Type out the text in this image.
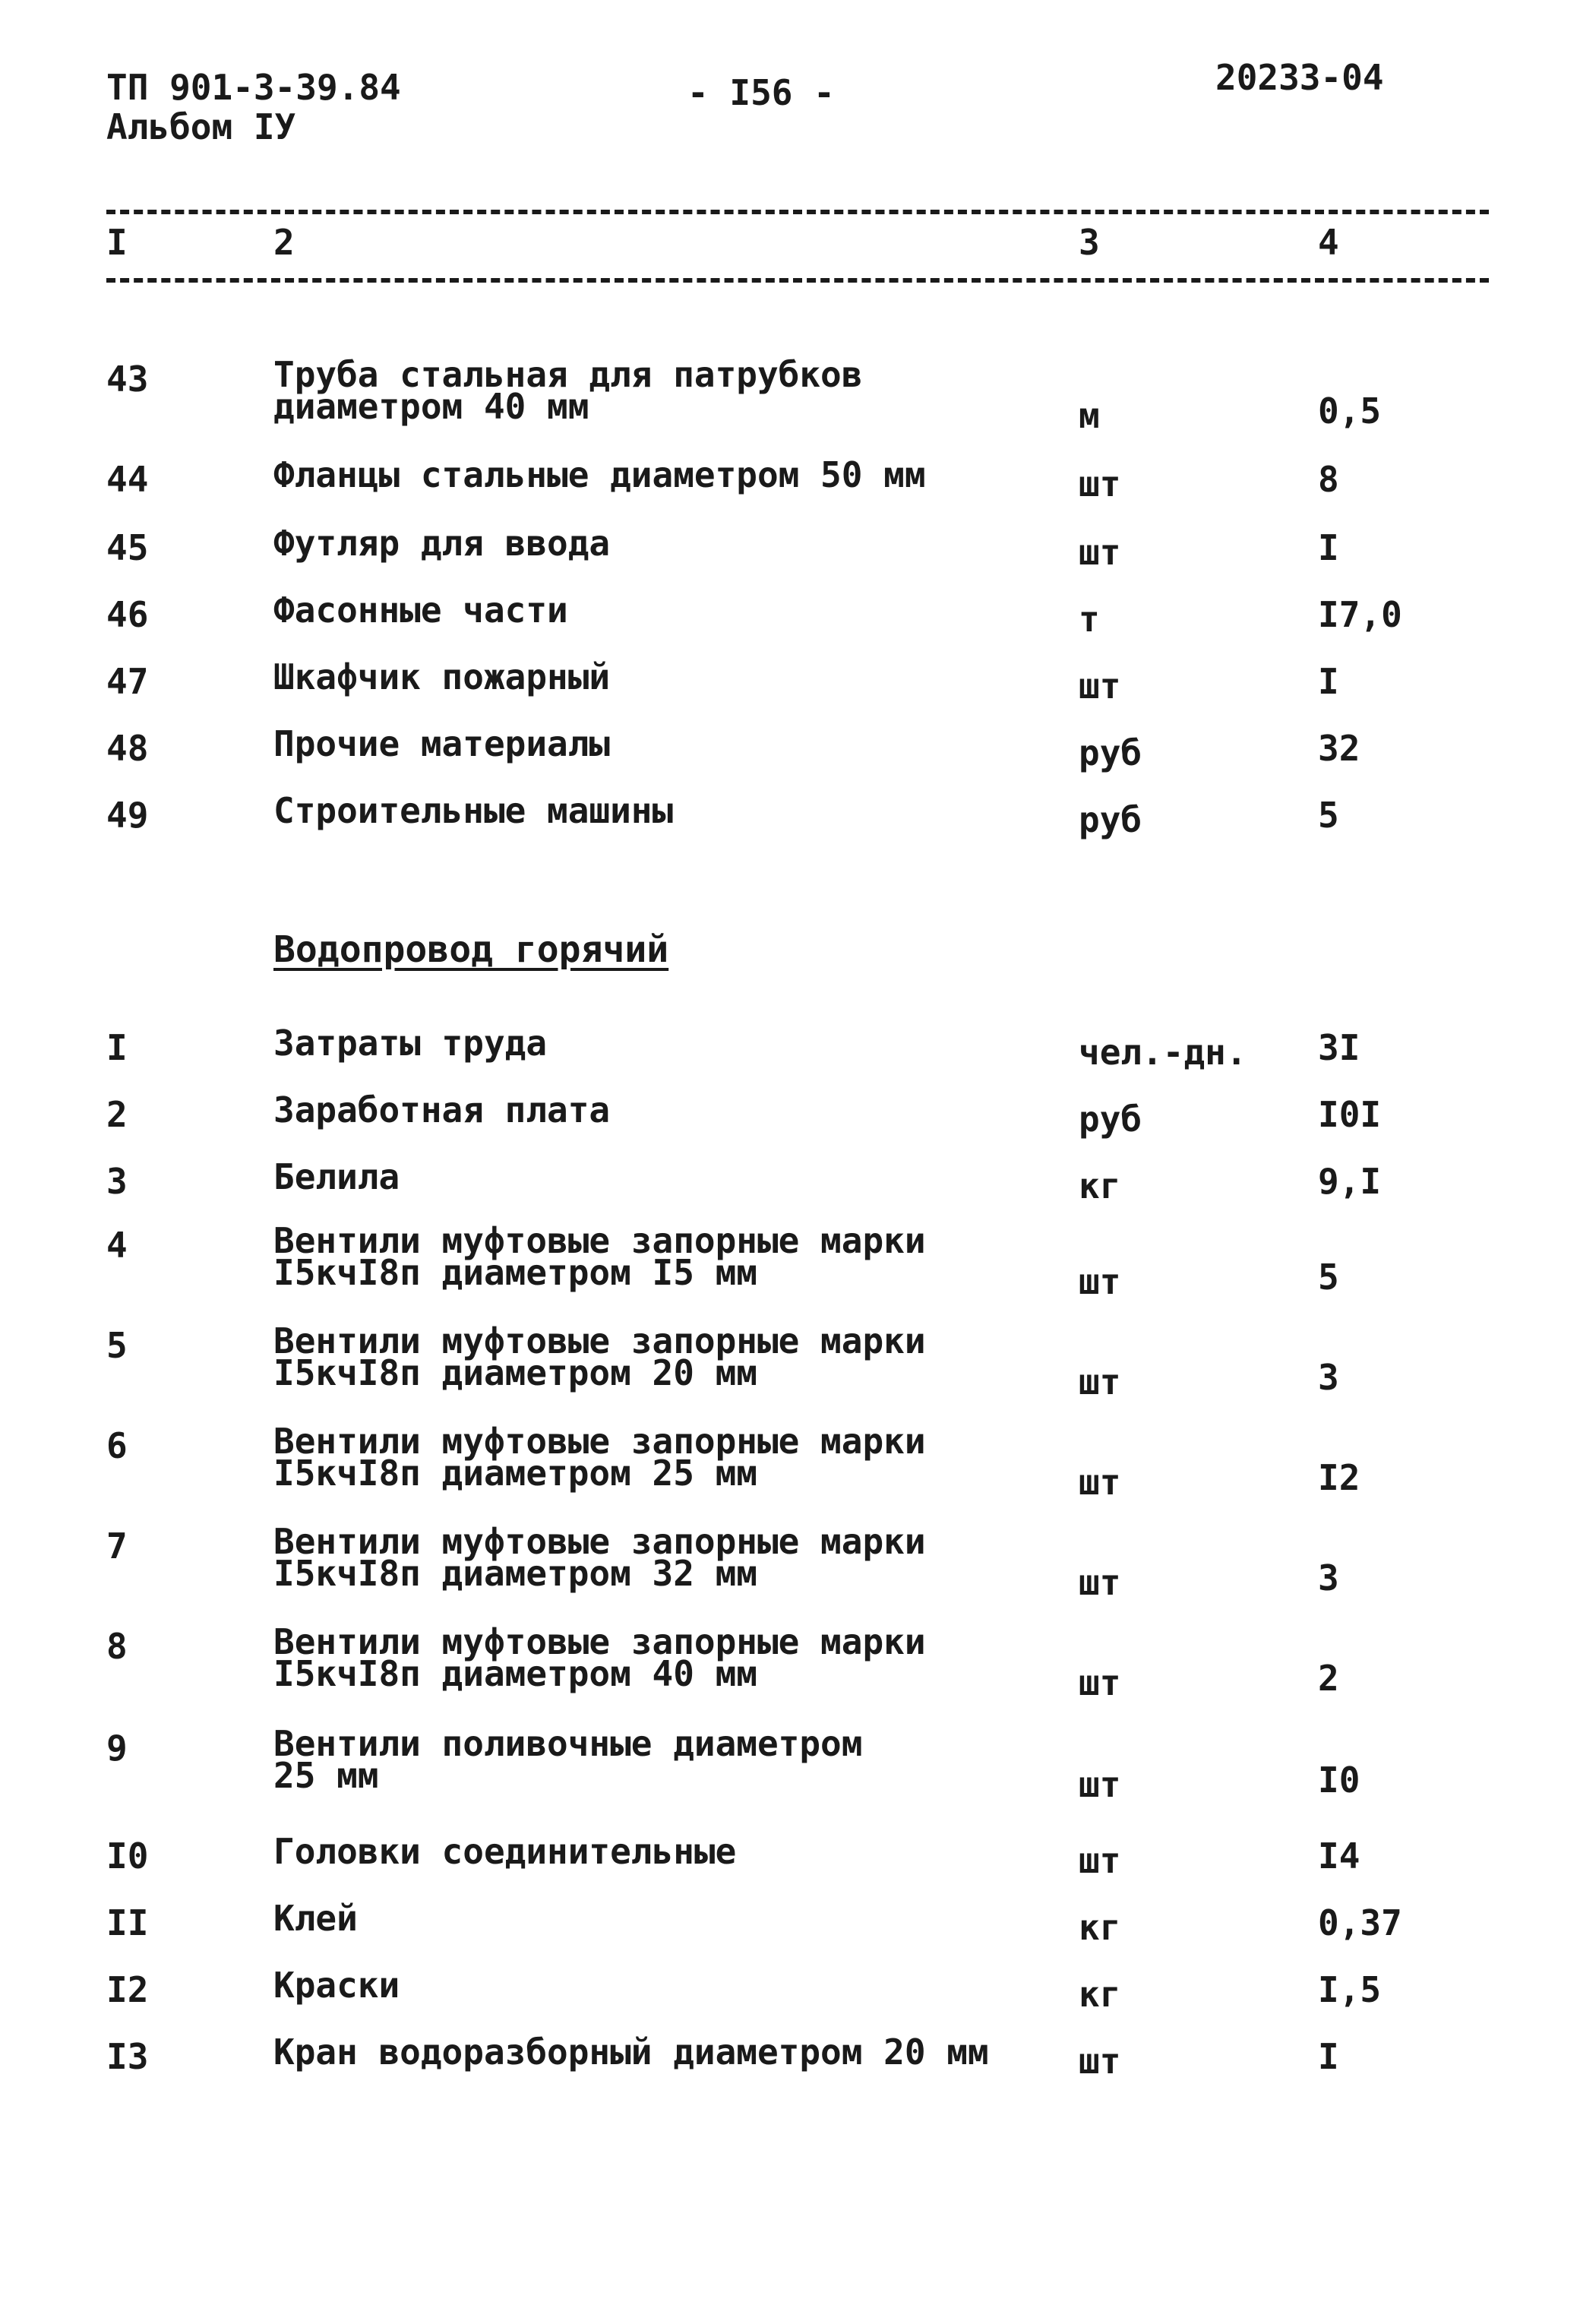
ТП 901-3-39.84
Альбом IУ
- I56 -	20233-04
I	2	3	4
43	Труба стальная для патрубков
диаметром 40 мм	м	0,5
44	Фланцы стальные диаметром 50 мм	шт	8
45	Футляр для ввода	шт	I
46	Фасонные части	т	I7,0
47	Шкафчик пожарный	шт	I
48	Прочие материалы	руб	32
49	Строительные машины	руб	5
Водопровод горячий
I	Затраты труда	чел.-дн. 3I
2	Заработная плата	руб	I0I
3	Белила	кг	9,I
4	Вентили муфтовые запорные марки
I5кчI8п диаметром I5 мм	шт	5
5	Вентили муфтовые запорные марки
I5кчI8п диаметром 20 мм	шт	3
6	Вентили муфтовые запорные марки
I5кчI8п диаметром 25 мм	шт	I2
7	Вентили муфтовые запорные марки
I5кчI8п диаметром 32 мм	шт	3
8	Вентили муфтовые запорные марки
I5кчI8п диаметром 40 мм	шт	2
9	Вентили поливочные диаметром
25 мм	шт	I0
I0	Головки соединительные	шт	I4
II	Клей	кг	0,37
I2	Краски	кг	I,5
I3	Кран водоразборный диаметром 20 мм	шт	I
